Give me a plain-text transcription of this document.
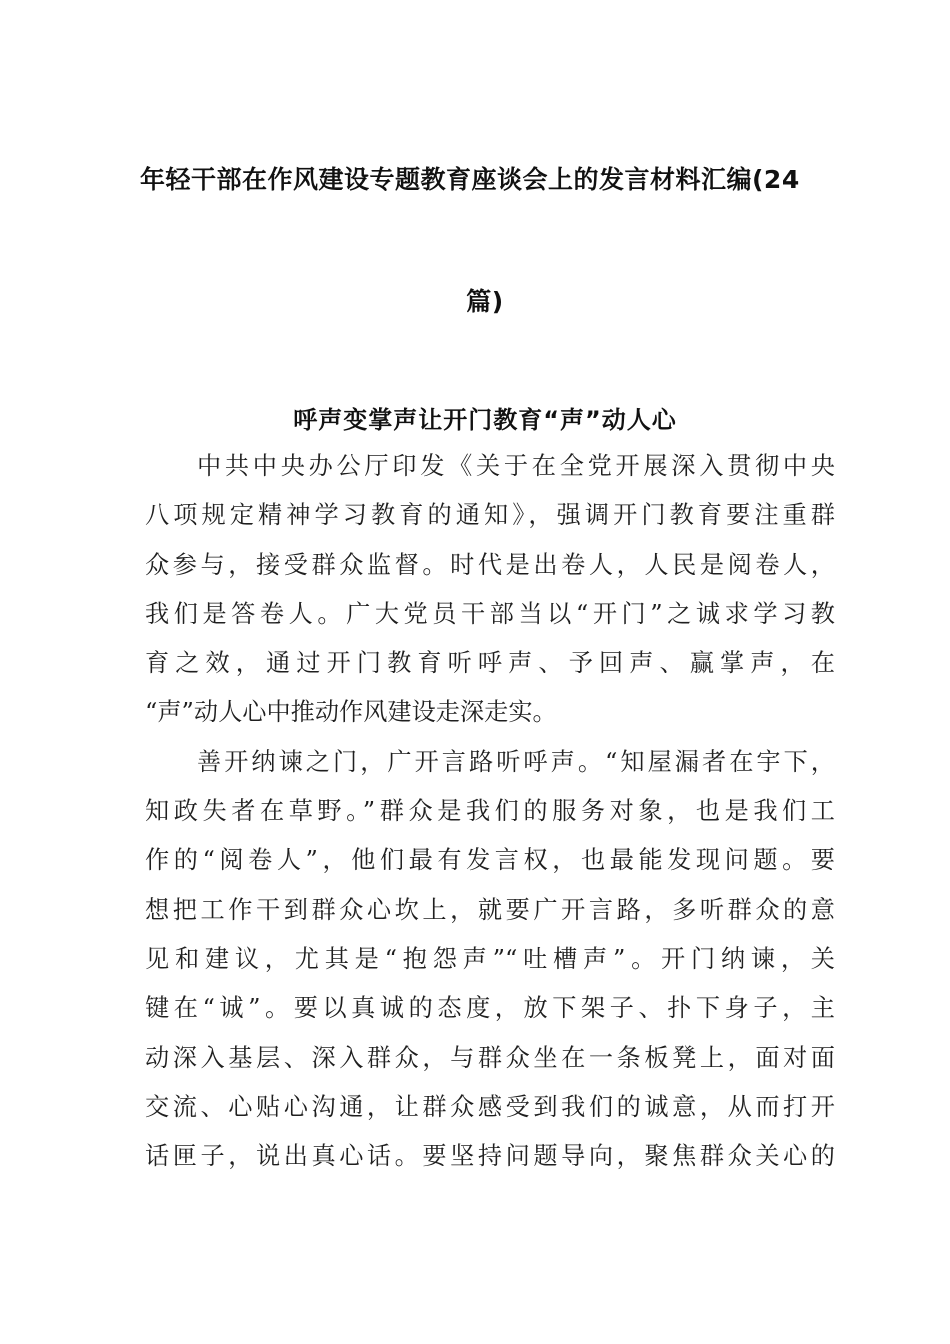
年轻干部在作风建设专题教育座谈会上的发言材料汇编(24
篇)
呼声变掌声让开门教育“声”动人心
中共中央办公厅印发《关于在全党开展深入贯彻中央
八项规定精神学习教育的通知》，强调开门教育要注重群
众参与，接受群众监督。时代是出卷人，人民是阅卷人，
我们是答卷人。广大党员干部当以“开门”之诚求学习教
育之效，通过开门教育听呼声、予回声、赢掌声，在
“声”动人心中推动作风建设走深走实。
善开纳谏之门，广开言路听呼声。“知屋漏者在宇下，
知政失者在草野。”群众是我们的服务对象，也是我们工
作的“阅卷人”，他们最有发言权，也最能发现问题。要
想把工作干到群众心坎上，就要广开言路，多听群众的意
见和建议，尤其是“抱怨声”“吐槽声”。开门纳谏，关
键在“诚”。要以真诚的态度，放下架子、扑下身子，主
动深入基层、深入群众，与群众坐在一条板凳上，面对面
交流、心贴心沟通，让群众感受到我们的诚意，从而打开
话匣子，说出真心话。要坚持问题导向，聚焦群众关心的
